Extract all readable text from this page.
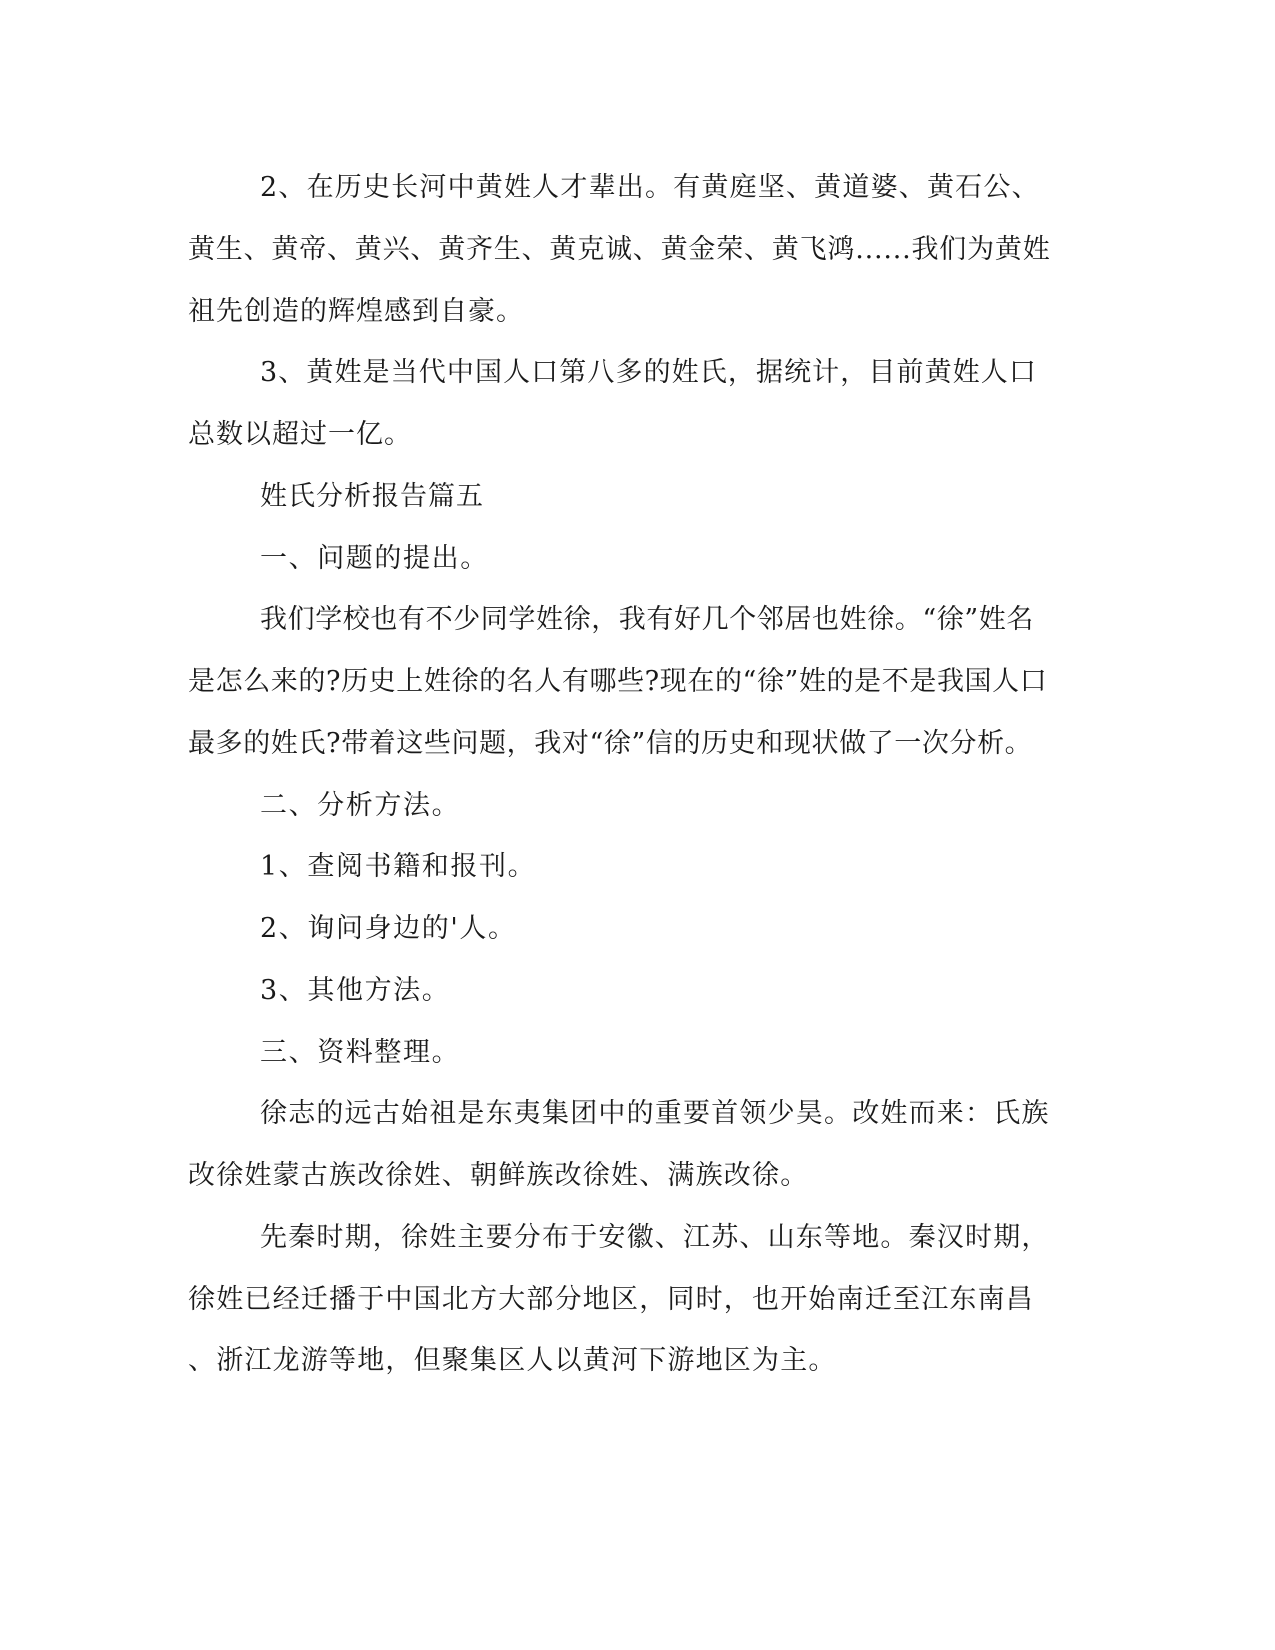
2、在历史长河中黄姓人才辈出。有黄庭坚、黄道婆、黄石公、
黄生、黄帝、黄兴、黄齐生、黄克诚、黄金荣、黄飞鸿......我们为黄姓
祖先创造的辉煌感到自豪。
3、黄姓是当代中国人口第八多的姓氏，据统计，目前黄姓人口
总数以超过一亿。
姓氏分析报告篇五
一、问题的提出。
我们学校也有不少同学姓徐，我有好几个邻居也姓徐。“徐”姓名
是怎么来的?历史上姓徐的名人有哪些?现在的“徐”姓的是不是我国人口
最多的姓氏?带着这些问题，我对“徐”信的历史和现状做了一次分析。
二、分析方法。
1、查阅书籍和报刊。
2、询问身边的'人。
3、其他方法。
三、资料整理。
徐志的远古始祖是东夷集团中的重要首领少昊。改姓而来：氏族
改徐姓蒙古族改徐姓、朝鲜族改徐姓、满族改徐。
先秦时期，徐姓主要分布于安徽、江苏、山东等地。秦汉时期，
徐姓已经迁播于中国北方大部分地区，同时，也开始南迁至江东南昌
、浙江龙游等地，但聚集区人以黄河下游地区为主。
